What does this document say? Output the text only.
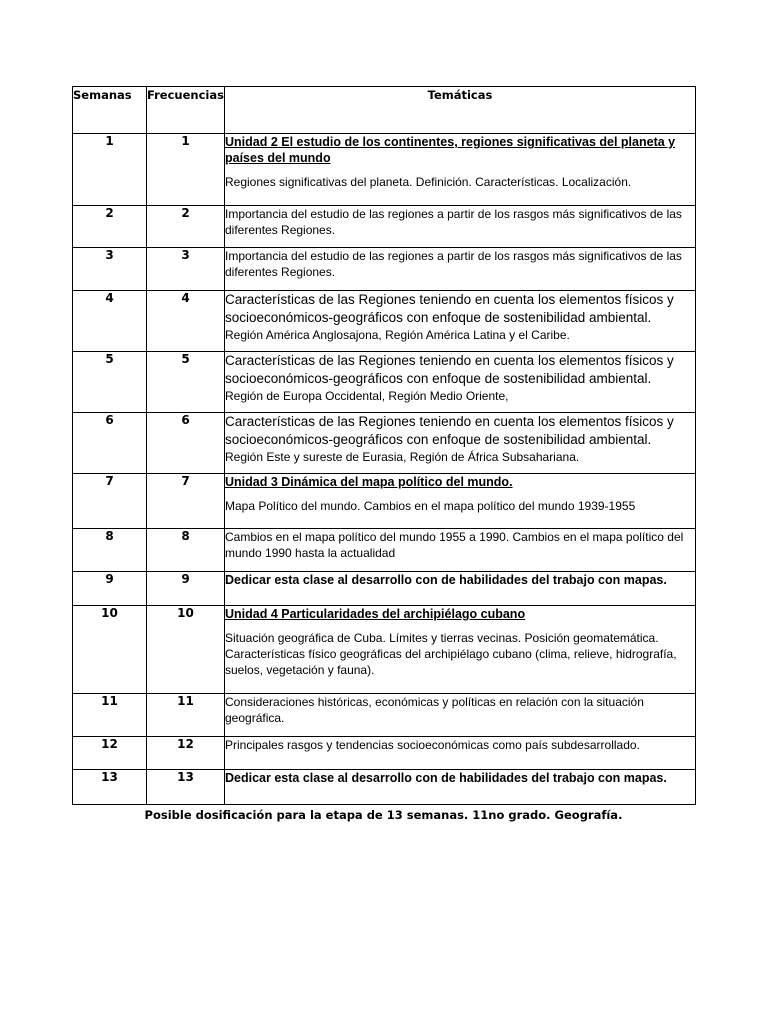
Semanas	Frecuencias	Temáticas
1	1	Unidad 2 El estudio de los continentes, regiones significativas del planeta y países del mundo
Regiones significativas del planeta. Definición. Características. Localización.

2	2	Importancia del estudio de las regiones a partir de los rasgos más significativos de las diferentes Regiones.

3	3	Importancia del estudio de las regiones a partir de los rasgos más significativos de las diferentes Regiones.

4	4	Características de las Regiones teniendo en cuenta los elementos físicos y socioeconómicos-geográficos con enfoque de sostenibilidad ambiental.
Región América Anglosajona, Región América Latina y el Caribe.

5	5	Características de las Regiones teniendo en cuenta los elementos físicos y socioeconómicos-geográficos con enfoque de sostenibilidad ambiental.
Región de Europa Occidental, Región Medio Oriente,

6	6	Características de las Regiones teniendo en cuenta los elementos físicos y socioeconómicos-geográficos con enfoque de sostenibilidad ambiental.
Región Este y sureste de Eurasia, Región de África Subsahariana.

7	7	Unidad 3 Dinámica del mapa político del mundo.
Mapa Político del mundo. Cambios en el mapa político del mundo 1939-1955

8	8	Cambios en el mapa político del mundo 1955 a 1990. Cambios en el mapa político del mundo 1990 hasta la actualidad

9	9	Dedicar esta clase al desarrollo con de habilidades del trabajo con mapas.

10	10	Unidad 4 Particularidades del archipiélago cubano
Situación geográfica de Cuba. Límites y tierras vecinas. Posición geomatemática. Características físico geográficas del archipiélago cubano (clima, relieve, hidrografía, suelos, vegetación y fauna).

11	11	Consideraciones históricas, económicas y políticas en relación con la situación geográfica.

12	12	Principales rasgos y tendencias socioeconómicas como país subdesarrollado.

13	13	Dedicar esta clase al desarrollo con de habilidades del trabajo con mapas.
Posible dosificación para la etapa de 13 semanas. 11no grado. Geografía.
